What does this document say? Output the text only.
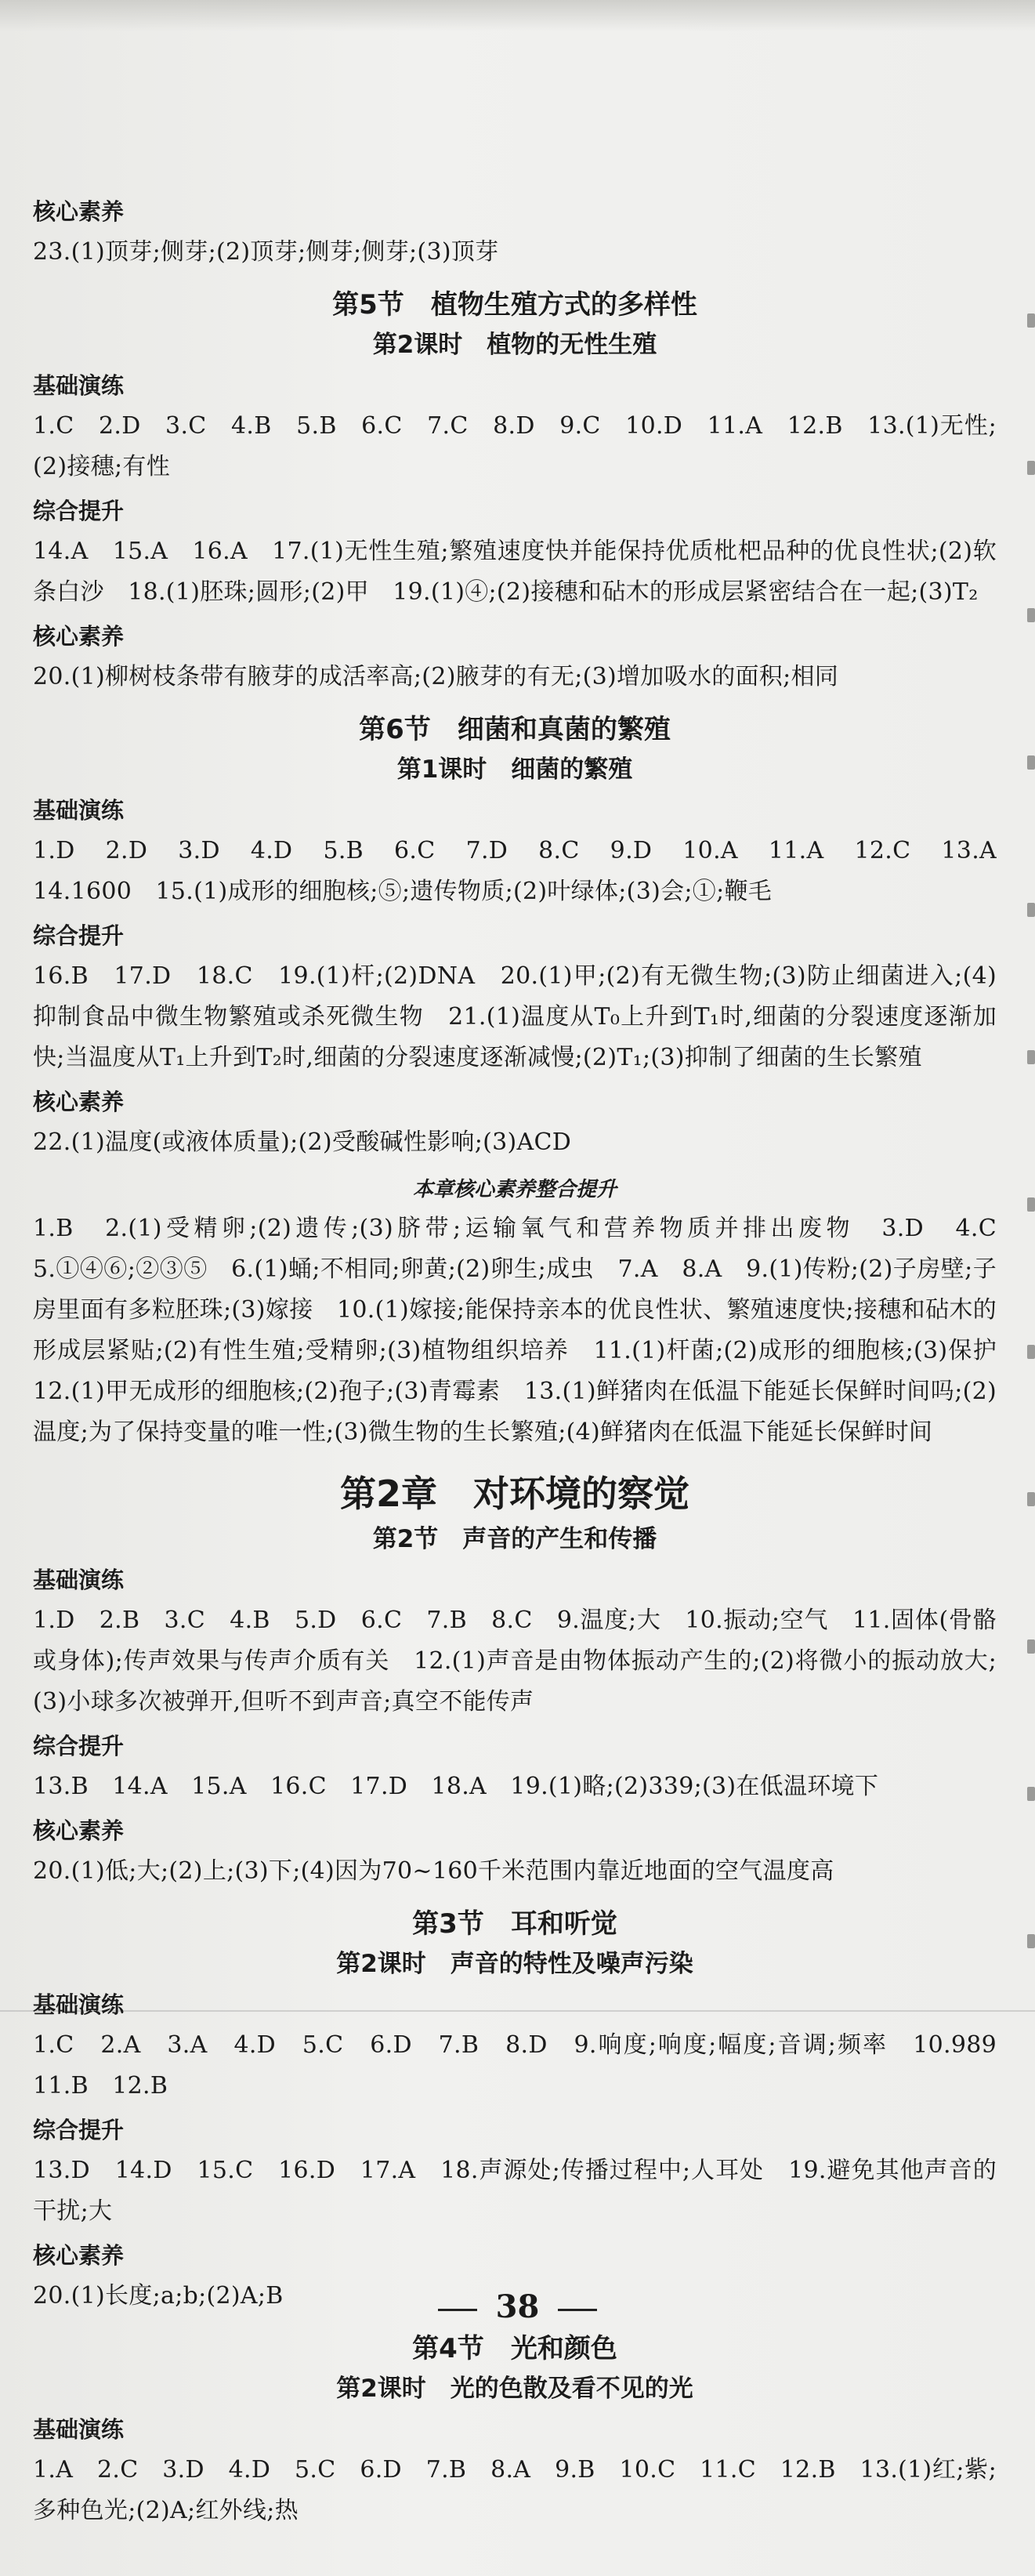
核心素养

23.(1)顶芽;侧芽;(2)顶芽;侧芽;侧芽;(3)顶芽

第5节　植物生殖方式的多样性
第2课时　植物的无性生殖
基础演练

1.C　2.D　3.C　4.B　5.B　6.C　7.C　8.D　9.C　10.D　11.A　12.B　13.(1)无性;(2)接穗;有性

综合提升

14.A　15.A　16.A　17.(1)无性生殖;繁殖速度快并能保持优质枇杷品种的优良性状;(2)软条白沙　18.(1)胚珠;圆形;(2)甲　19.(1)④;(2)接穗和砧木的形成层紧密结合在一起;(3)T₂

核心素养

20.(1)柳树枝条带有腋芽的成活率高;(2)腋芽的有无;(3)增加吸水的面积;相同

第6节　细菌和真菌的繁殖
第1课时　细菌的繁殖
基础演练

1.D　2.D　3.D　4.D　5.B　6.C　7.D　8.C　9.D　10.A　11.A　12.C　13.A　14.1600　15.(1)成形的细胞核;⑤;遗传物质;(2)叶绿体;(3)会;①;鞭毛

综合提升

16.B　17.D　18.C　19.(1)杆;(2)DNA　20.(1)甲;(2)有无微生物;(3)防止细菌进入;(4)抑制食品中微生物繁殖或杀死微生物　21.(1)温度从T₀上升到T₁时,细菌的分裂速度逐渐加快;当温度从T₁上升到T₂时,细菌的分裂速度逐渐减慢;(2)T₁;(3)抑制了细菌的生长繁殖

核心素养

22.(1)温度(或液体质量);(2)受酸碱性影响;(3)ACD

本章核心素养整合提升

1.B　2.(1)受精卵;(2)遗传;(3)脐带;运输氧气和营养物质并排出废物　3.D　4.C　5.①④⑥;②③⑤　6.(1)蛹;不相同;卵黄;(2)卵生;成虫　7.A　8.A　9.(1)传粉;(2)子房壁;子房里面有多粒胚珠;(3)嫁接　10.(1)嫁接;能保持亲本的优良性状、繁殖速度快;接穗和砧木的形成层紧贴;(2)有性生殖;受精卵;(3)植物组织培养　11.(1)杆菌;(2)成形的细胞核;(3)保护　12.(1)甲无成形的细胞核;(2)孢子;(3)青霉素　13.(1)鲜猪肉在低温下能延长保鲜时间吗;(2)温度;为了保持变量的唯一性;(3)微生物的生长繁殖;(4)鲜猪肉在低温下能延长保鲜时间

第2章　对环境的察觉
第2节　声音的产生和传播
基础演练

1.D　2.B　3.C　4.B　5.D　6.C　7.B　8.C　9.温度;大　10.振动;空气　11.固体(骨骼或身体);传声效果与传声介质有关　12.(1)声音是由物体振动产生的;(2)将微小的振动放大;(3)小球多次被弹开,但听不到声音;真空不能传声

综合提升

13.B　14.A　15.A　16.C　17.D　18.A　19.(1)略;(2)339;(3)在低温环境下

核心素养

20.(1)低;大;(2)上;(3)下;(4)因为70~160千米范围内靠近地面的空气温度高

第3节　耳和听觉
第2课时　声音的特性及噪声污染
基础演练

1.C　2.A　3.A　4.D　5.C　6.D　7.B　8.D　9.响度;响度;幅度;音调;频率　10.989　11.B　12.B

综合提升

13.D　14.D　15.C　16.D　17.A　18.声源处;传播过程中;人耳处　19.避免其他声音的干扰;大

核心素养

20.(1)长度;a;b;(2)A;B

第4节　光和颜色
第2课时　光的色散及看不见的光
基础演练

1.A　2.C　3.D　4.D　5.C　6.D　7.B　8.A　9.B　10.C　11.C　12.B　13.(1)红;紫;多种色光;(2)A;红外线;热

38
